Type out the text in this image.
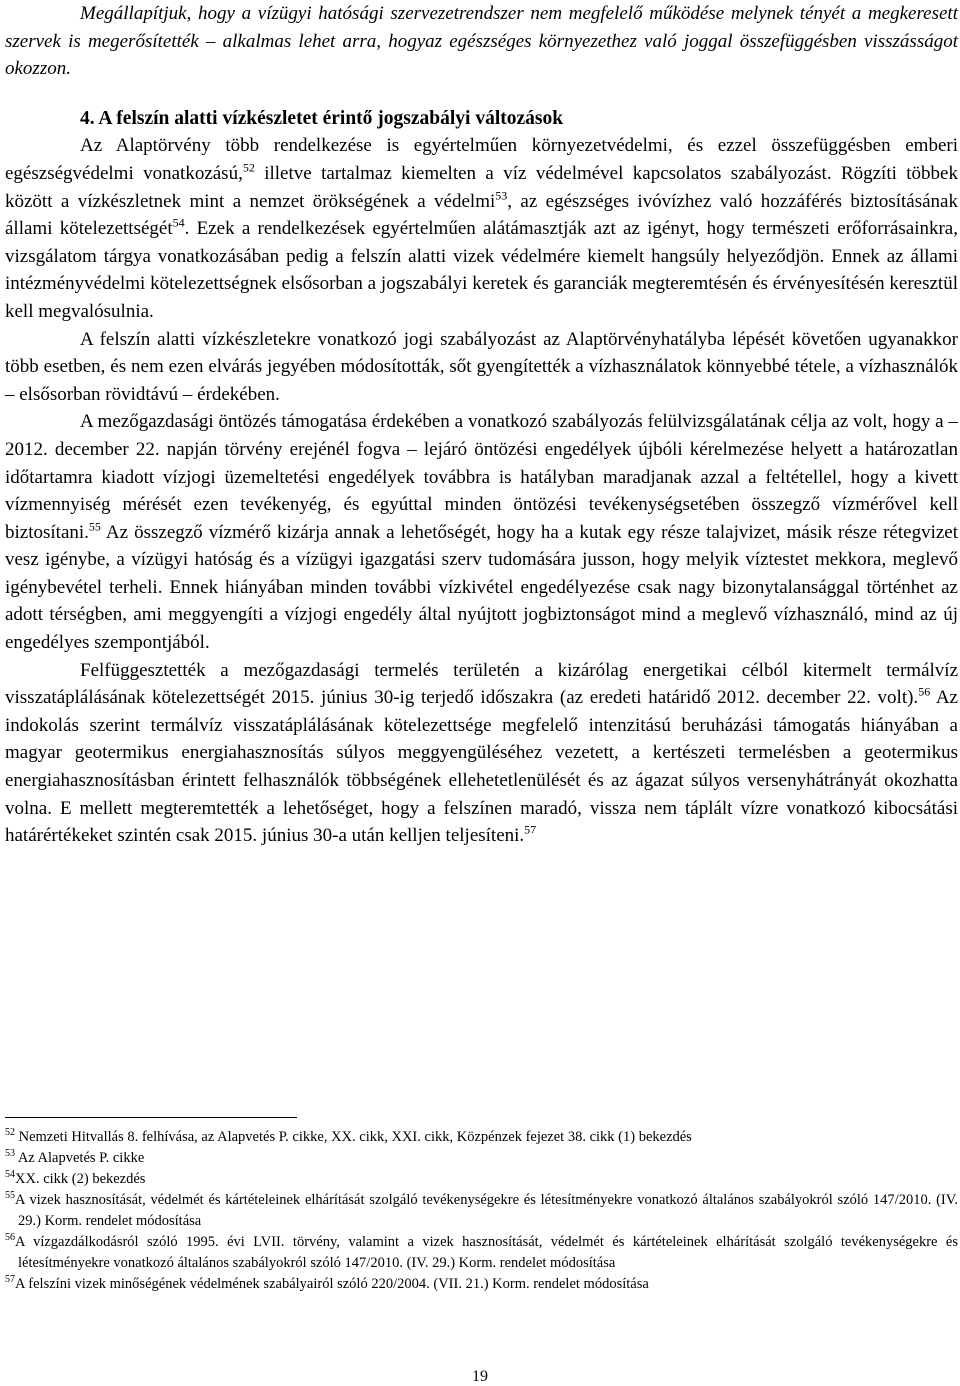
Megállapítjuk, hogy a vízügyi hatósági szervezetrendszer nem megfelelő működése melynek tényét a megkeresett szervek is megerősítették – alkalmas lehet arra, hogyaz egészséges környezethez való joggal összefüggésben visszásságot okozzon.

4. A felszín alatti vízkészletet érintő jogszabályi változások

Az Alaptörvény több rendelkezése is egyértelműen környezetvédelmi, és ezzel összefüggésben emberi egészségvédelmi vonatkozású,$^{52}$ illetve tartalmaz kiemelten a víz védelmével kapcsolatos szabályozást. Rögzíti többek között a vízkészletnek mint a nemzet örökségének a védelmi$^{53}$, az egészséges ivóvízhez való hozzáférés biztosításának állami kötelezettségét$^{54}$. Ezek a rendelkezések egyértelműen alátámasztják azt az igényt, hogy természeti erőforrásainkra, vizsgálatom tárgya vonatkozásában pedig a felszín alatti vizek védelmére kiemelt hangsúly helyeződjön. Ennek az állami intézményvédelmi kötelezettségnek elsősorban a jogszabályi keretek és garanciák megteremtésén és érvényesítésén keresztül kell megvalósulnia.

A felszín alatti vízkészletekre vonatkozó jogi szabályozást az Alaptörvényhatályba lépését követően ugyanakkor több esetben, és nem ezen elvárás jegyében módosították, sőt gyengítették a vízhasználatok könnyebbé tétele, a vízhasználók – elsősorban rövidtávú – érdekében.

A mezőgazdasági öntözés támogatása érdekében a vonatkozó szabályozás felülvizsgálatának célja az volt, hogy a – 2012. december 22. napján törvény erejénél fogva – lejáró öntözési engedélyek újbóli kérelmezése helyett a határozatlan időtartamra kiadott vízjogi üzemeltetési engedélyek továbbra is hatályban maradjanak azzal a feltétellel, hogy a kivett vízmennyiség mérését ezen tevékenyég, és egyúttal minden öntözési tevékenységsetében összegző vízmérővel kell biztosítani.$^{55}$ Az összegző vízmérő kizárja annak a lehetőségét, hogy ha a kutak egy része talajvizet, másik része rétegvizet vesz igénybe, a vízügyi hatóság és a vízügyi igazgatási szerv tudomására jusson, hogy melyik víztestet mekkora, meglevő igénybevétel terheli. Ennek hiányában minden további vízkivétel engedélyezése csak nagy bizonytalansággal történhet az adott térségben, ami meggyengíti a vízjogi engedély által nyújtott jogbiztonságot mind a meglevő vízhasználó, mind az új engedélyes szempontjából.

Felfüggesztették a mezőgazdasági termelés területén a kizárólag energetikai célból kitermelt termálvíz visszatáplálásának kötelezettségét 2015. június 30-ig terjedő időszakra (az eredeti határidő 2012. december 22. volt).$^{56}$ Az indokolás szerint termálvíz visszatáplálásának kötelezettsége megfelelő intenzitású beruházási támogatás hiányában a magyar geotermikus energiahasznosítás súlyos meggyengüléséhez vezetett, a kertészeti termelésben a geotermikus energiahasznosításban érintett felhasználók többségének ellehetetlenülését és az ágazat súlyos versenyhátrányát okozhatta volna. E mellett megteremtették a lehetőséget, hogy a felszínen maradó, vissza nem táplált vízre vonatkozó kibocsátási határértékeket szintén csak 2015. június 30-a után kelljen teljesíteni.$^{57}$

$^{52}$ Nemzeti Hitvallás 8. felhívása, az Alapvetés P. cikke, XX. cikk, XXI. cikk, Közpénzek fejezet 38. cikk (1) bekezdés

$^{53}$ Az Alapvetés P. cikke

$^{54}$XX. cikk (2) bekezdés

$^{55}$A vizek hasznosítását, védelmét és kártételeinek elhárítását szolgáló tevékenységekre és létesítményekre vonatkozó általános szabályokról szóló 147/2010. (IV. 29.) Korm. rendelet módosítása

$^{56}$A vízgazdálkodásról szóló 1995. évi LVII. törvény, valamint a vizek hasznosítását, védelmét és kártételeinek elhárítását szolgáló tevékenységekre és létesítményekre vonatkozó általános szabályokról szóló 147/2010. (IV. 29.) Korm. rendelet módosítása

$^{57}$A felszíni vizek minőségének védelmének szabályairól szóló 220/2004. (VII. 21.) Korm. rendelet módosítása

19
